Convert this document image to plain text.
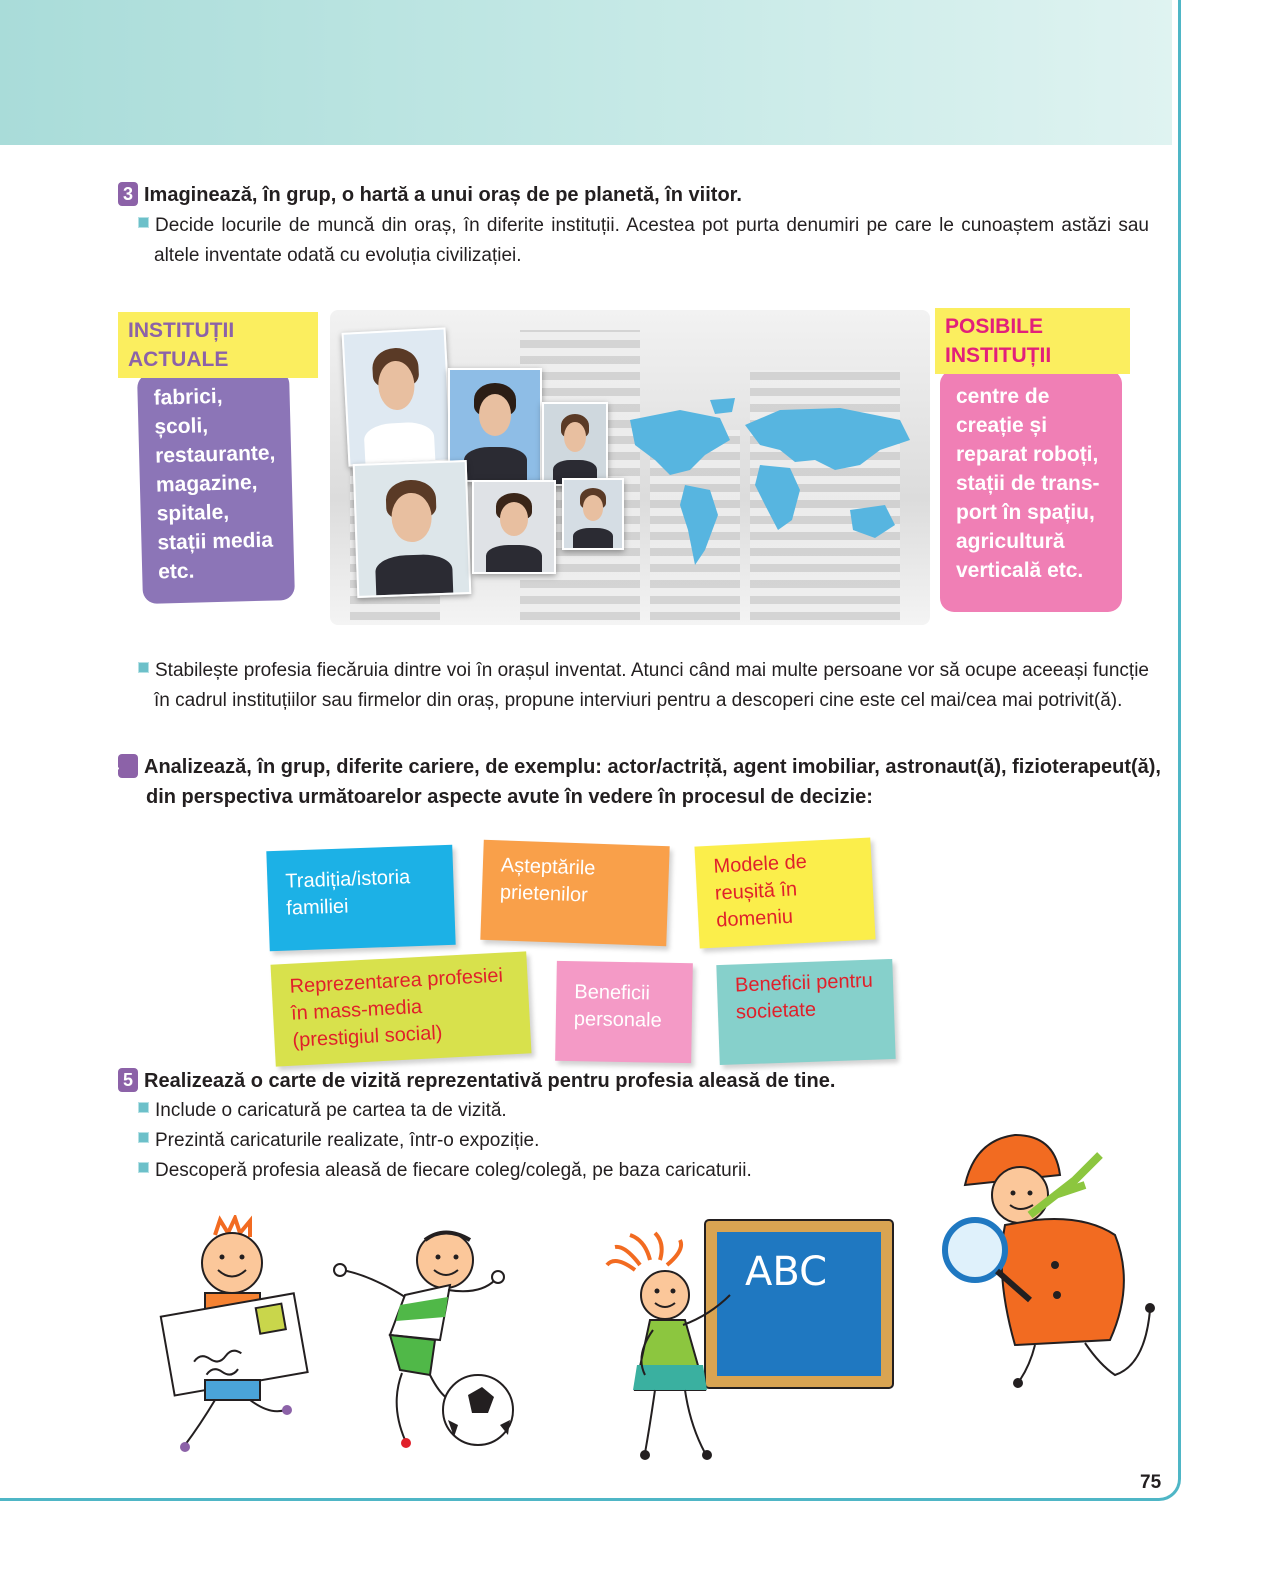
3 Imaginează, în grup, o hartă a unui oraș de pe planetă, în viitor.
Decide locurile de muncă din oraș, în diferite instituții. Acestea pot purta denumiri pe care le cunoaștem astăzi sau altele inventate odată cu evoluția civilizației.
fabrici,
școli,
restaurante,
magazine,
spitale,
stații media
etc.
INSTITUȚII
ACTUALE
centre de
creație și
reparat roboți,
stații de trans-
port în spațiu,
agricultură
verticală etc.
POSIBILE
INSTITUȚII
Stabilește profesia fiecăruia dintre voi în orașul inventat. Atunci când mai multe persoane vor să ocupe aceeași funcție în cadrul instituțiilor sau firmelor din oraș, propune interviuri pentru a descoperi cine este cel mai/cea mai potrivit(ă).
4 Analizează, în grup, diferite cariere, de exemplu: actor/actriță, agent imobiliar, astronaut(ă), fizioterapeut(ă), din perspectiva următoarelor aspecte avute în vedere în procesul de decizie:
Tradiția/istoria familiei
Așteptările prietenilor
Modele de reușită în domeniu
Reprezentarea profesiei în mass-media (prestigiul social)
Beneficii personale
Beneficii pentru societate
5 Realizează o carte de vizită reprezentativă pentru profesia aleasă de tine.
Include o caricatură pe cartea ta de vizită.
Prezintă caricaturile realizate, într-o expoziție.
Descoperă profesia aleasă de fiecare coleg/colegă, pe baza caricaturii.
ABC
75
